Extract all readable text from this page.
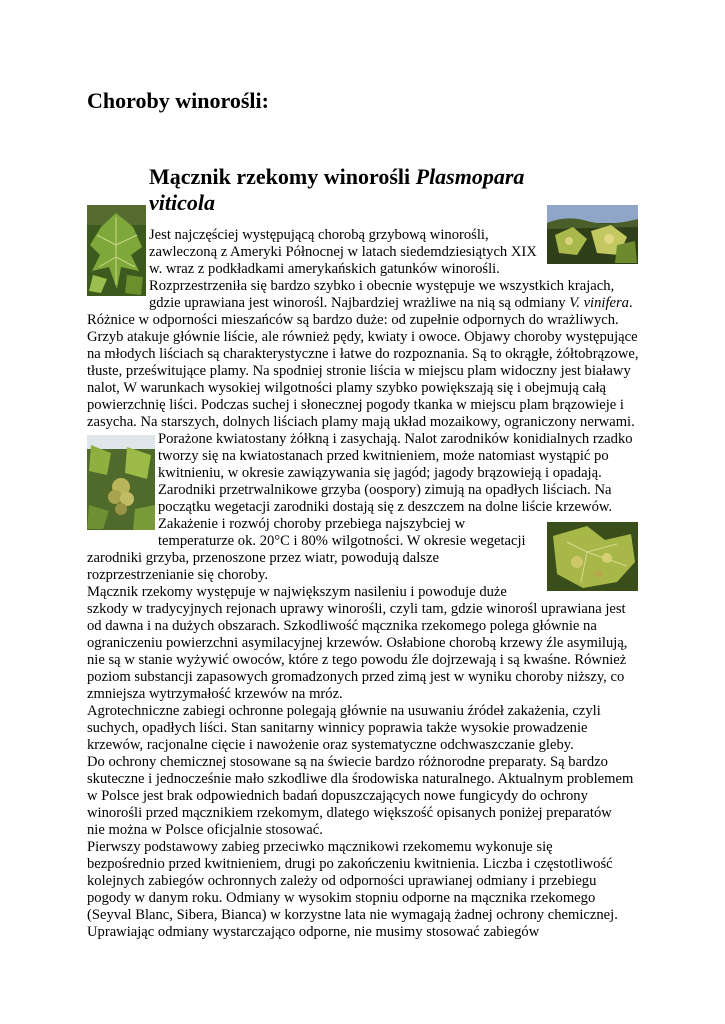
Choroby winorośli:
Mącznik rzekomy winorośli Plasmopara
viticola
Jest najczęściej występującą chorobą grzybową winorośli,
zawleczoną z Ameryki Północnej w latach siedemdziesiątych XIX
w. wraz z podkładkami amerykańskich gatunków winorośli.
Rozprzestrzeniła się bardzo szybko i obecnie występuje we wszystkich krajach,
gdzie uprawiana jest winorośl. Najbardziej wrażliwe na nią są odmiany V. vinifera.
Różnice w odporności mieszańców są bardzo duże: od zupełnie odpornych do wrażliwych.
Grzyb atakuje głównie liście, ale również pędy, kwiaty i owoce. Objawy choroby występujące
na młodych liściach są charakterystyczne i łatwe do rozpoznania. Są to okrągłe, żółtobrązowe,
tłuste, prześwitujące plamy. Na spodniej stronie liścia w miejscu plam widoczny jest białawy
nalot, W warunkach wysokiej wilgotności plamy szybko powiększają się i obejmują całą
powierzchnię liści. Podczas suchej i słonecznej pogody tkanka w miejscu plam brązowieje i
zasycha. Na starszych, dolnych liściach plamy mają układ mozaikowy, ograniczony nerwami.
Porażone kwiatostany żółkną i zasychają. Nalot zarodników konidialnych rzadko
tworzy się na kwiatostanach przed kwitnieniem, może natomiast wystąpić po
kwitnieniu, w okresie zawiązywania się jagód; jagody brązowieją i opadają.
Zarodniki przetrwalnikowe grzyba (oospory) zimują na opadłych liściach. Na
początku wegetacji zarodniki dostają się z deszczem na dolne liście krzewów.
Zakażenie i rozwój choroby przebiega najszybciej w
temperaturze ok. 20°C i 80% wilgotności. W okresie wegetacji
zarodniki grzyba, przenoszone przez wiatr, powodują dalsze
rozprzestrzenianie się choroby.
Mącznik rzekomy występuje w największym nasileniu i powoduje duże
szkody w tradycyjnych rejonach uprawy winorośli, czyli tam, gdzie winorośl uprawiana jest
od dawna i na dużych obszarach. Szkodliwość mącznika rzekomego polega głównie na
ograniczeniu powierzchni asymilacyjnej krzewów. Osłabione chorobą krzewy źle asymilują,
nie są w stanie wyżywić owoców, które z tego powodu źle dojrzewają i są kwaśne. Również
poziom substancji zapasowych gromadzonych przed zimą jest w wyniku choroby niższy, co
zmniejsza wytrzymałość krzewów na mróz.
Agrotechniczne zabiegi ochronne polegają głównie na usuwaniu źródeł zakażenia, czyli
suchych, opadłych liści. Stan sanitarny winnicy poprawia także wysokie prowadzenie
krzewów, racjonalne cięcie i nawożenie oraz systematyczne odchwaszczanie gleby.
Do ochrony chemicznej stosowane są na świecie bardzo różnorodne preparaty. Są bardzo
skuteczne i jednocześnie mało szkodliwe dla środowiska naturalnego. Aktualnym problemem
w Polsce jest brak odpowiednich badań dopuszczających nowe fungicydy do ochrony
winorośli przed mącznikiem rzekomym, dlatego większość opisanych poniżej preparatów
nie można w Polsce oficjalnie stosować.
Pierwszy podstawowy zabieg przeciwko mącznikowi rzekomemu wykonuje się
bezpośrednio przed kwitnieniem, drugi po zakończeniu kwitnienia. Liczba i częstotliwość
kolejnych zabiegów ochronnych zależy od odporności uprawianej odmiany i przebiegu
pogody w danym roku. Odmiany w wysokim stopniu odporne na mącznika rzekomego
(Seyval Blanc, Sibera, Bianca) w korzystne lata nie wymagają żadnej ochrony chemicznej.
Uprawiając odmiany wystarczająco odporne, nie musimy stosować zabiegów
